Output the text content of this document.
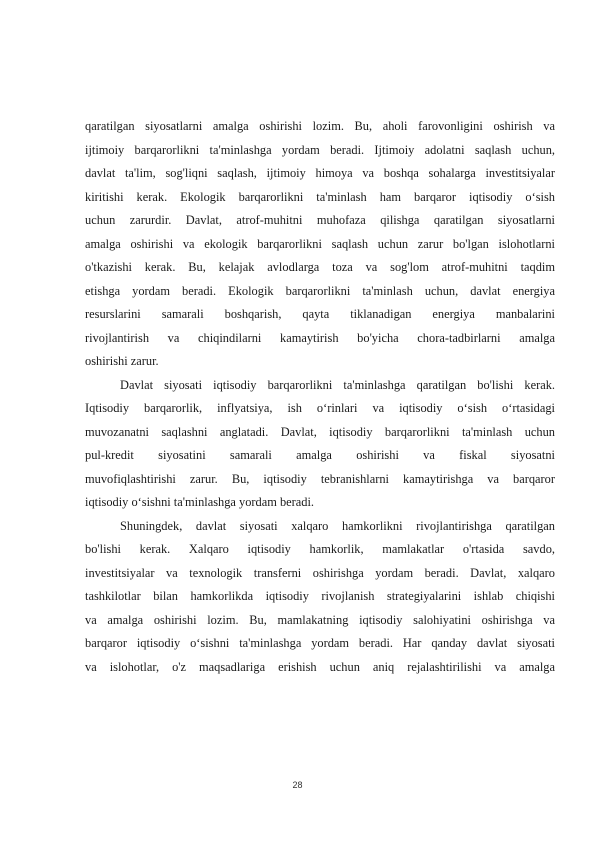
qaratilgan siyosatlarni amalga oshirishi lozim. Bu, aholi farovonligini oshirish va
ijtimoiy barqarorlikni ta'minlashga yordam beradi. Ijtimoiy adolatni saqlash uchun,
davlat ta'lim, sog'liqni saqlash, ijtimoiy himoya va boshqa sohalarga investitsiyalar
kiritishi kerak. Ekologik barqarorlikni ta'minlash ham barqaror iqtisodiy o‘sish
uchun zarurdir. Davlat, atrof-muhitni muhofaza qilishga qaratilgan siyosatlarni
amalga oshirishi va ekologik barqarorlikni saqlash uchun zarur bo'lgan islohotlarni
o'tkazishi kerak. Bu, kelajak avlodlarga toza va sog'lom atrof-muhitni taqdim
etishga yordam beradi. Ekologik barqarorlikni ta'minlash uchun, davlat energiya
resurslarini samarali boshqarish, qayta tiklanadigan energiya manbalarini
rivojlantirish va chiqindilarni kamaytirish bo'yicha chora-tadbirlarni amalga
oshirishi zarur.
Davlat siyosati iqtisodiy barqarorlikni ta'minlashga qaratilgan bo'lishi kerak.
Iqtisodiy barqarorlik, inflyatsiya, ish o‘rinlari va iqtisodiy o‘sish o‘rtasidagi
muvozanatni saqlashni anglatadi. Davlat, iqtisodiy barqarorlikni ta'minlash uchun
pul-kredit siyosatini samarali amalga oshirishi va fiskal siyosatni
muvofiqlashtirishi zarur. Bu, iqtisodiy tebranishlarni kamaytirishga va barqaror
iqtisodiy o‘sishni ta'minlashga yordam beradi.
Shuningdek, davlat siyosati xalqaro hamkorlikni rivojlantirishga qaratilgan
bo'lishi kerak. Xalqaro iqtisodiy hamkorlik, mamlakatlar o'rtasida savdo,
investitsiyalar va texnologik transferni oshirishga yordam beradi. Davlat, xalqaro
tashkilotlar bilan hamkorlikda iqtisodiy rivojlanish strategiyalarini ishlab chiqishi
va amalga oshirishi lozim. Bu, mamlakatning iqtisodiy salohiyatini oshirishga va
barqaror iqtisodiy o‘sishni ta'minlashga yordam beradi. Har qanday davlat siyosati
va islohotlar, o'z maqsadlariga erishish uchun aniq rejalashtirilishi va amalga
28
